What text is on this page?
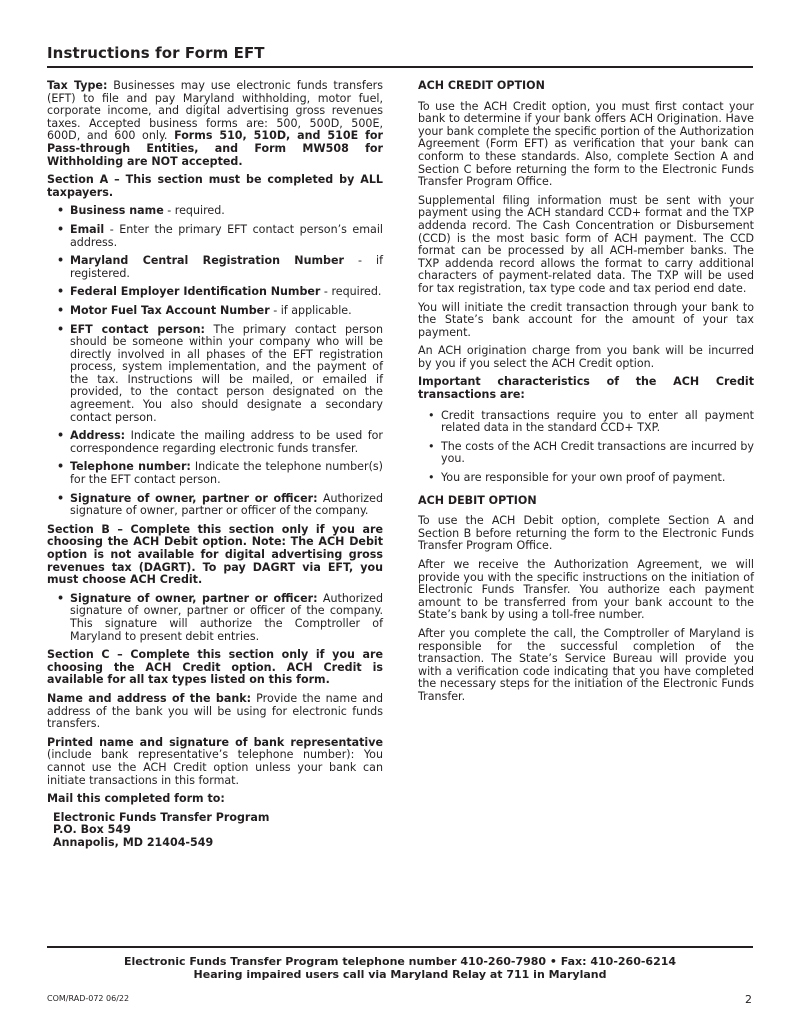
Instructions for Form EFT

Tax Type: Businesses may use electronic funds transfers (EFT) to file and pay Maryland withholding, motor fuel, corporate income, and digital advertising gross revenues taxes. Accepted business forms are: 500, 500D, 500E, 600D, and 600 only. Forms 510, 510D, and 510E for Pass-through Entities, and Form MW508 for Withholding are NOT accepted.

Section A – This section must be completed by ALL taxpayers.

• Business name - required.
• Email - Enter the primary EFT contact person’s email address.
• Maryland Central Registration Number - if registered.
• Federal Employer Identification Number - required.
• Motor Fuel Tax Account Number - if applicable.
• EFT contact person: The primary contact person should be someone within your company who will be directly involved in all phases of the EFT registration process, system implementation, and the payment of the tax. Instructions will be mailed, or emailed if provided, to the contact person designated on the agreement. You also should designate a secondary contact person.
• Address: Indicate the mailing address to be used for correspondence regarding electronic funds transfer.
• Telephone number: Indicate the telephone number(s) for the EFT contact person.
• Signature of owner, partner or officer: Authorized signature of owner, partner or officer of the company.

Section B – Complete this section only if you are choosing the ACH Debit option. Note: The ACH Debit option is not available for digital advertising gross revenues tax (DAGRT). To pay DAGRT via EFT, you must choose ACH Credit.

• Signature of owner, partner or officer: Authorized signature of owner, partner or officer of the company. This signature will authorize the Comptroller of Maryland to present debit entries.

Section C – Complete this section only if you are choosing the ACH Credit option. ACH Credit is available for all tax types listed on this form.

Name and address of the bank: Provide the name and address of the bank you will be using for electronic funds transfers.

Printed name and signature of bank representative (include bank representative’s telephone number): You cannot use the ACH Credit option unless your bank can initiate transactions in this format.

Mail this completed form to:

Electronic Funds Transfer Program
P.O. Box 549
Annapolis, MD 21404-549

ACH CREDIT OPTION

To use the ACH Credit option, you must first contact your bank to determine if your bank offers ACH Origination. Have your bank complete the specific portion of the Authorization Agreement (Form EFT) as verification that your bank can conform to these standards. Also, complete Section A and Section C before returning the form to the Electronic Funds Transfer Program Office.

Supplemental filing information must be sent with your payment using the ACH standard CCD+ format and the TXP addenda record. The Cash Concentration or Disbursement (CCD) is the most basic form of ACH payment. The CCD format can be processed by all ACH-member banks. The TXP addenda record allows the format to carry additional characters of payment-related data. The TXP will be used for tax registration, tax type code and tax period end date.

You will initiate the credit transaction through your bank to the State’s bank account for the amount of your tax payment.

An ACH origination charge from you bank will be incurred by you if you select the ACH Credit option.

Important characteristics of the ACH Credit transactions are:

• Credit transactions require you to enter all payment related data in the standard CCD+ TXP.
• The costs of the ACH Credit transactions are incurred by you.
• You are responsible for your own proof of payment.

ACH DEBIT OPTION

To use the ACH Debit option, complete Section A and Section B before returning the form to the Electronic Funds Transfer Program Office.

After we receive the Authorization Agreement, we will provide you with the specific instructions on the initiation of Electronic Funds Transfer. You authorize each payment amount to be transferred from your bank account to the State’s bank by using a toll-free number.

After you complete the call, the Comptroller of Maryland is responsible for the successful completion of the transaction. The State’s Service Bureau will provide you with a verification code indicating that you have completed the necessary steps for the initiation of the Electronic Funds Transfer.

Electronic Funds Transfer Program telephone number 410-260-7980 • Fax: 410-260-6214
Hearing impaired users call via Maryland Relay at 711 in Maryland
COM/RAD-072 06/22	2
